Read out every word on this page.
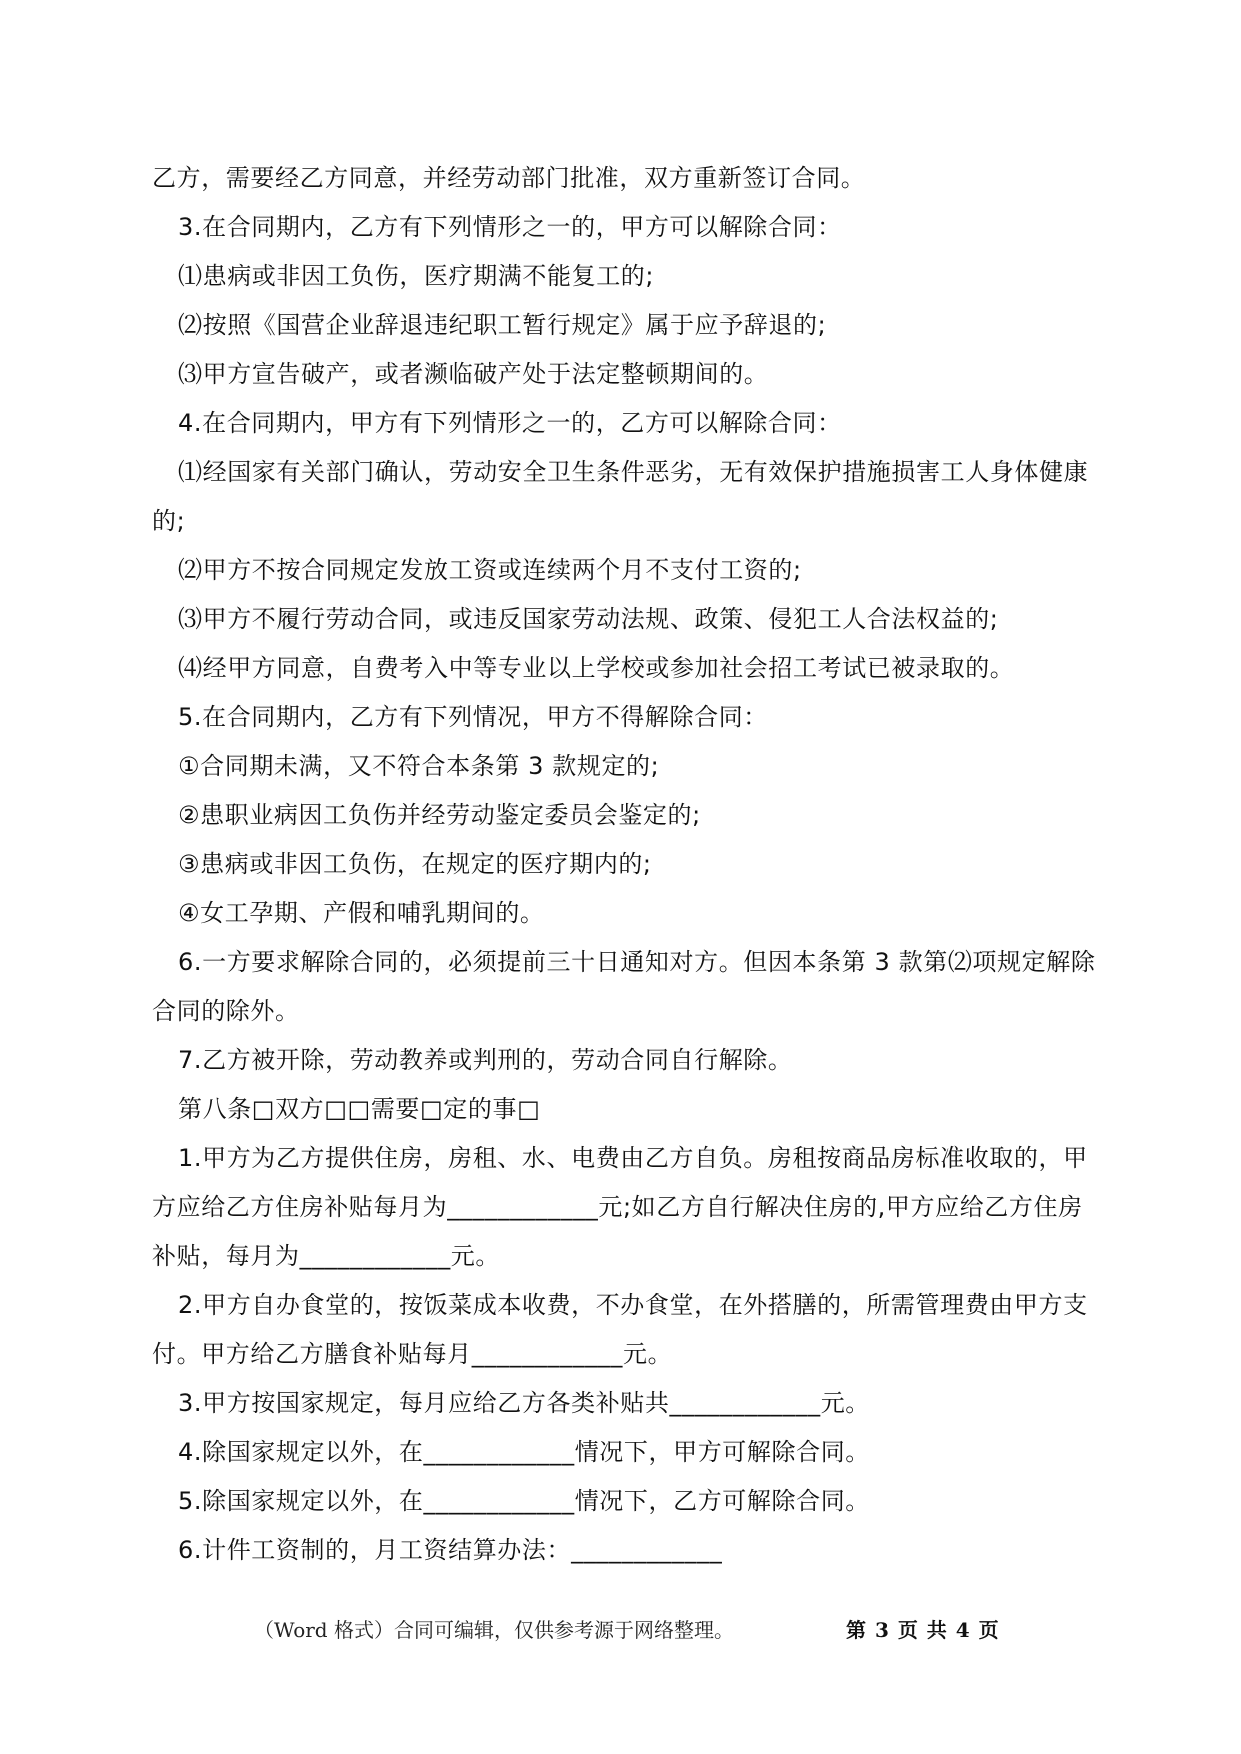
乙方，需要经乙方同意，并经劳动部门批准，双方重新签订合同。

3.在合同期内，乙方有下列情形之一的，甲方可以解除合同：

⑴患病或非因工负伤，医疗期满不能复工的;

⑵按照《国营企业辞退违纪职工暂行规定》属于应予辞退的;

⑶甲方宣告破产，或者濒临破产处于法定整顿期间的。

4.在合同期内，甲方有下列情形之一的，乙方可以解除合同：

⑴经国家有关部门确认，劳动安全卫生条件恶劣，无有效保护措施损害工人身体健康的;

⑵甲方不按合同规定发放工资或连续两个月不支付工资的;

⑶甲方不履行劳动合同，或违反国家劳动法规、政策、侵犯工人合法权益的;

⑷经甲方同意，自费考入中等专业以上学校或参加社会招工考试已被录取的。

5.在合同期内，乙方有下列情况，甲方不得解除合同：

①合同期未满，又不符合本条第 3 款规定的;

②患职业病因工负伤并经劳动鉴定委员会鉴定的;

③患病或非因工负伤，在规定的医疗期内的;

④女工孕期、产假和哺乳期间的。

6.一方要求解除合同的，必须提前三十日通知对方。但因本条第 3 款第⑵项规定解除合同的除外。

7.乙方被开除，劳动教养或判刑的，劳动合同自行解除。

第八条□双方□□需要□定的事□

1.甲方为乙方提供住房，房租、水、电费由乙方自负。房租按商品房标准收取的，甲方应给乙方住房补贴每月为____________元;如乙方自行解决住房的,甲方应给乙方住房补贴，每月为____________元。

2.甲方自办食堂的，按饭菜成本收费，不办食堂，在外搭膳的，所需管理费由甲方支付。甲方给乙方膳食补贴每月____________元。

3.甲方按国家规定，每月应给乙方各类补贴共____________元。

4.除国家规定以外，在____________情况下，甲方可解除合同。

5.除国家规定以外，在____________情况下，乙方可解除合同。

6.计件工资制的，月工资结算办法：____________

（Word 格式）合同可编辑，仅供参考源于网络整理。	第 3 页 共 4 页
